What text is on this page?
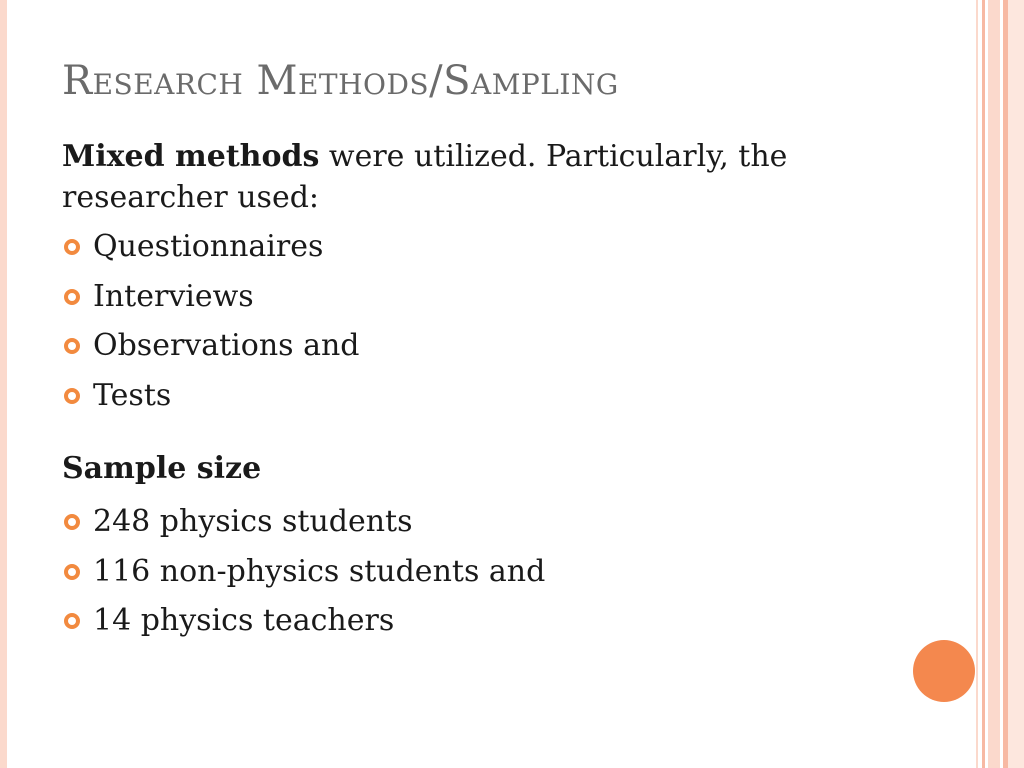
Research Methods/Sampling
Mixed methods were utilized. Particularly, the researcher used:
Questionnaires
Interviews
Observations and
Tests
Sample size
248 physics students
116 non-physics students and
14 physics teachers
